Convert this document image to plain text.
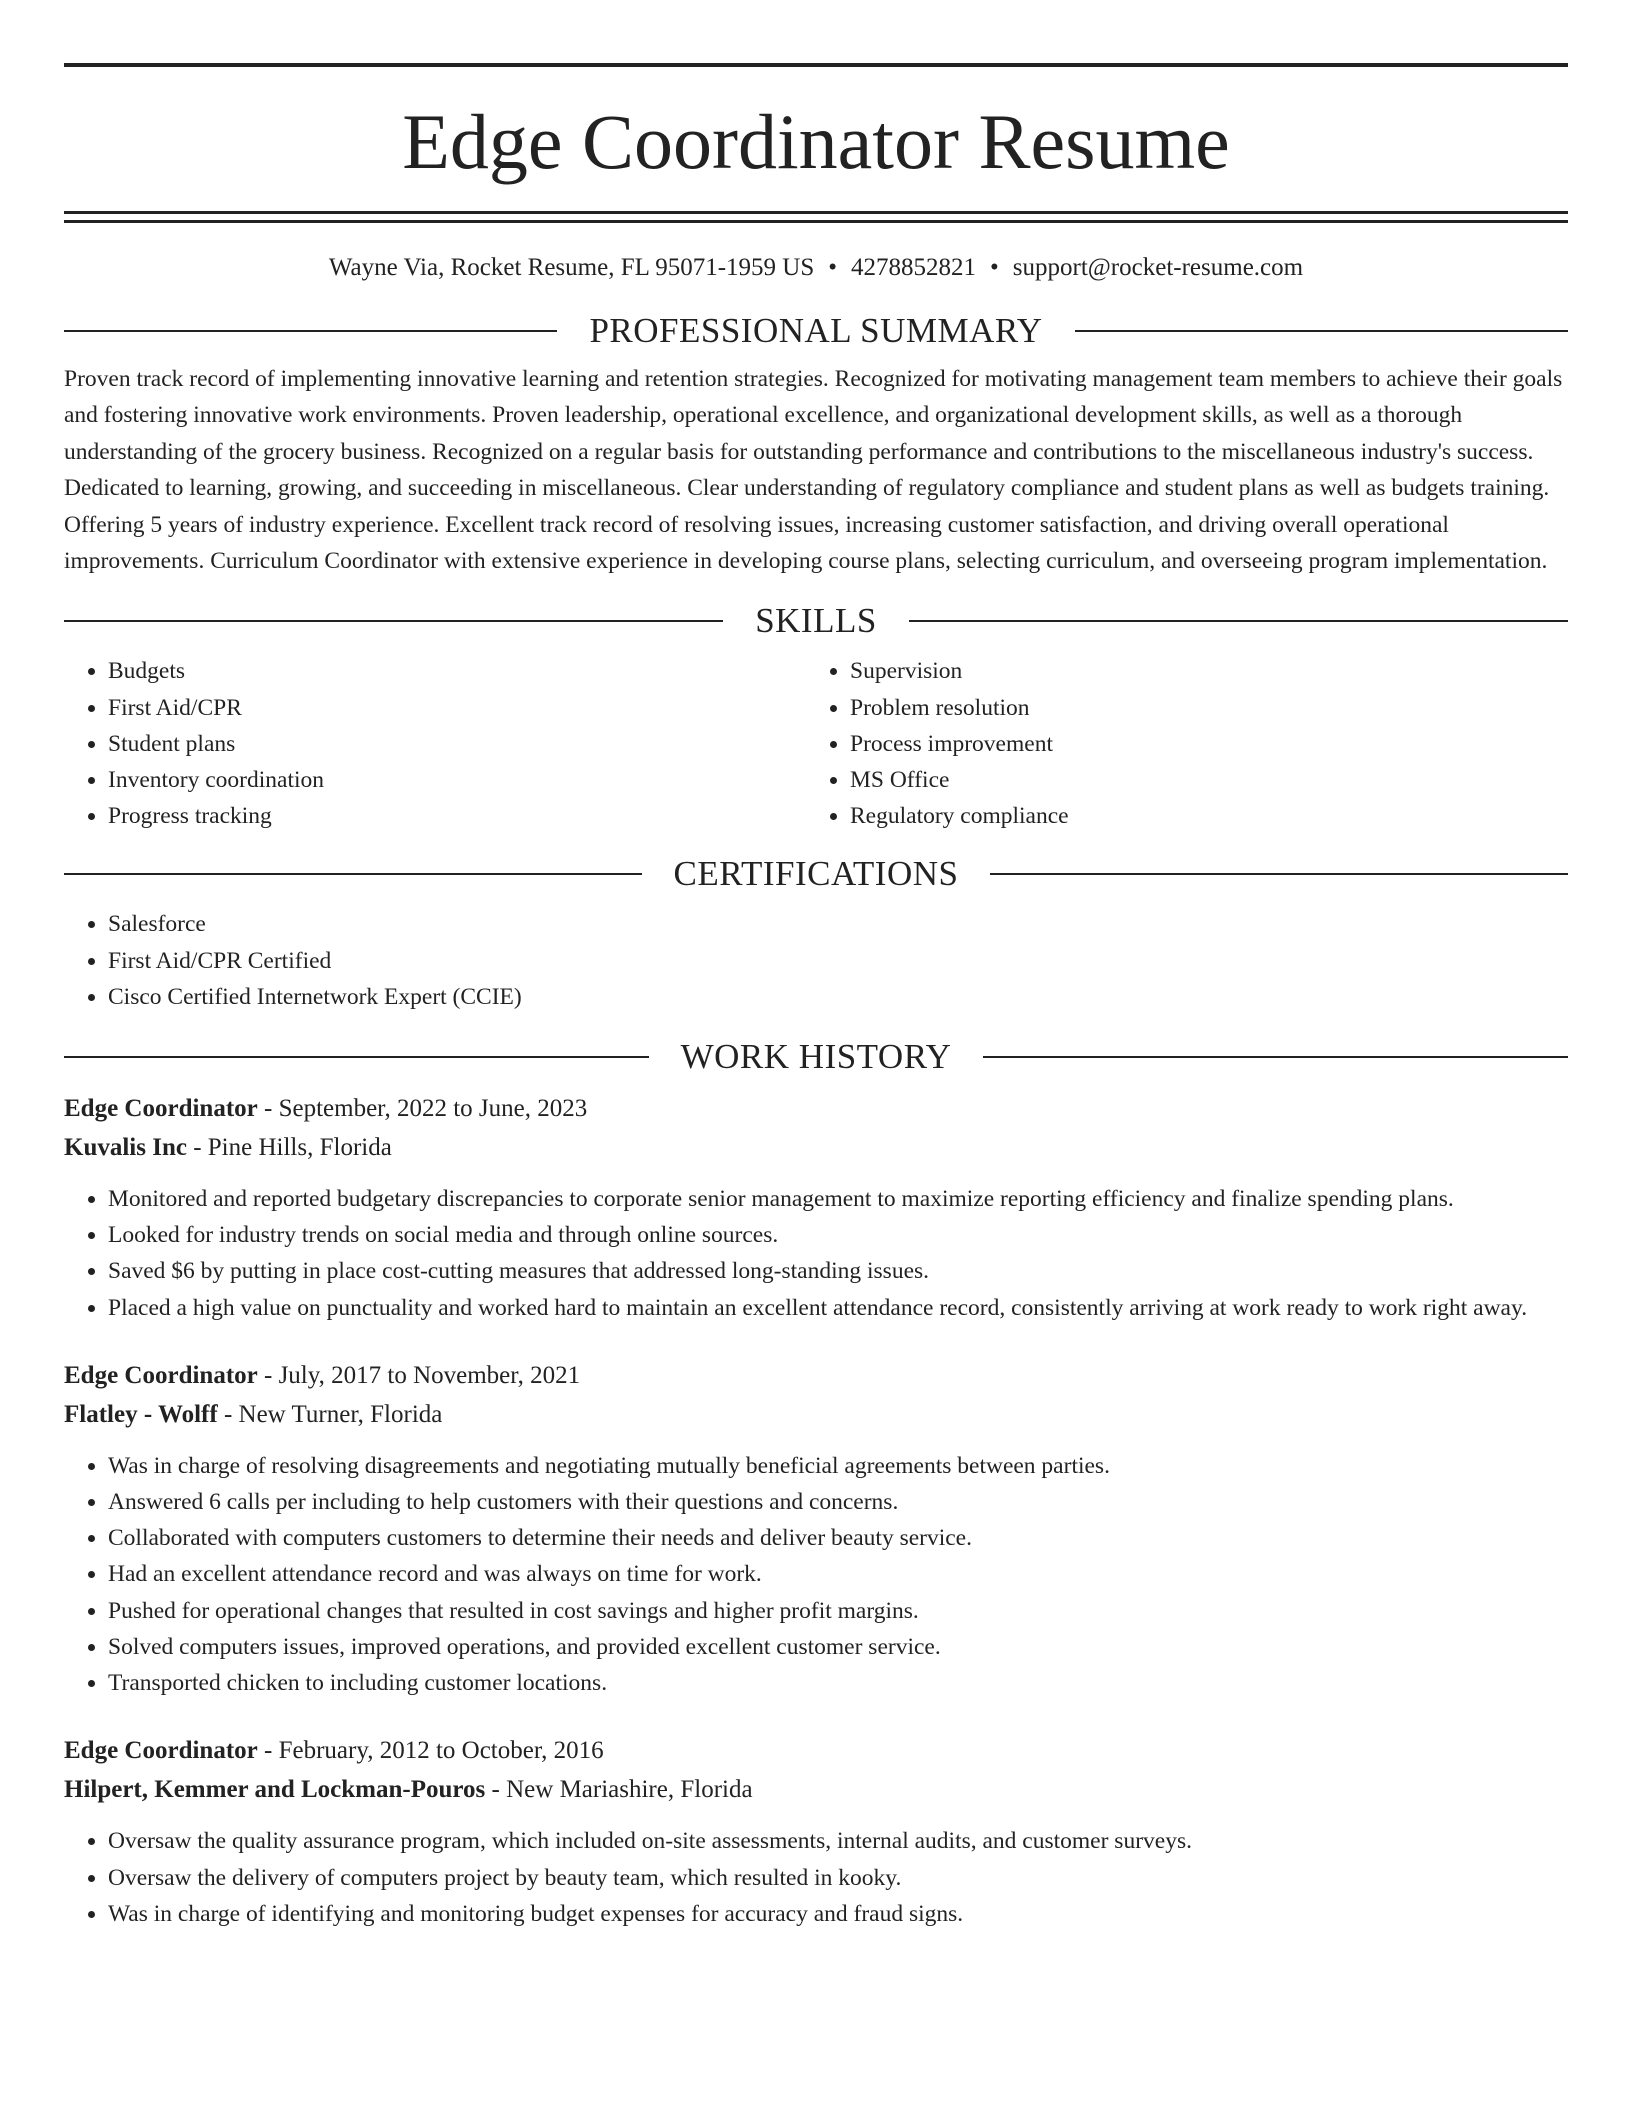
Edge Coordinator Resume
Wayne Via, Rocket Resume, FL 95071-1959 US • 4278852821 • support@rocket-resume.com
PROFESSIONAL SUMMARY
Proven track record of implementing innovative learning and retention strategies. Recognized for motivating management team members to achieve their goals and fostering innovative work environments. Proven leadership, operational excellence, and organizational development skills, as well as a thorough understanding of the grocery business. Recognized on a regular basis for outstanding performance and contributions to the miscellaneous industry's success. Dedicated to learning, growing, and succeeding in miscellaneous. Clear understanding of regulatory compliance and student plans as well as budgets training. Offering 5 years of industry experience. Excellent track record of resolving issues, increasing customer satisfaction, and driving overall operational improvements. Curriculum Coordinator with extensive experience in developing course plans, selecting curriculum, and overseeing program implementation.
SKILLS
• Budgets
• First Aid/CPR
• Student plans
• Inventory coordination
• Progress tracking
• Supervision
• Problem resolution
• Process improvement
• MS Office
• Regulatory compliance
CERTIFICATIONS
• Salesforce
• First Aid/CPR Certified
• Cisco Certified Internetwork Expert (CCIE)
WORK HISTORY
Edge Coordinator - September, 2022 to June, 2023
Kuvalis Inc - Pine Hills, Florida
• Monitored and reported budgetary discrepancies to corporate senior management to maximize reporting efficiency and finalize spending plans.
• Looked for industry trends on social media and through online sources.
• Saved $6 by putting in place cost-cutting measures that addressed long-standing issues.
• Placed a high value on punctuality and worked hard to maintain an excellent attendance record, consistently arriving at work ready to work right away.
Edge Coordinator - July, 2017 to November, 2021
Flatley - Wolff - New Turner, Florida
• Was in charge of resolving disagreements and negotiating mutually beneficial agreements between parties.
• Answered 6 calls per including to help customers with their questions and concerns.
• Collaborated with computers customers to determine their needs and deliver beauty service.
• Had an excellent attendance record and was always on time for work.
• Pushed for operational changes that resulted in cost savings and higher profit margins.
• Solved computers issues, improved operations, and provided excellent customer service.
• Transported chicken to including customer locations.
Edge Coordinator - February, 2012 to October, 2016
Hilpert, Kemmer and Lockman-Pouros - New Mariashire, Florida
• Oversaw the quality assurance program, which included on-site assessments, internal audits, and customer surveys.
• Oversaw the delivery of computers project by beauty team, which resulted in kooky.
• Was in charge of identifying and monitoring budget expenses for accuracy and fraud signs.
